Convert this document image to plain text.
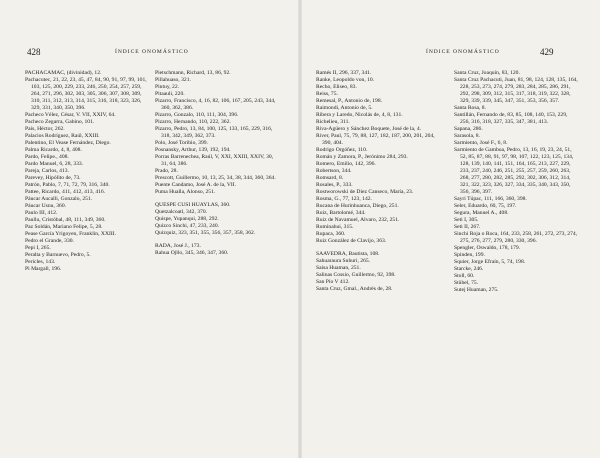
428	ÍNDICE ONOMÁSTICO

PACHACAMAC, (divinidad), 12.

Pachacutec, 21, 22, 23, 45, 47, 84, 90, 91, 97, 99, 101, 103, 125, 200, 229, 233, 246, 250, 254, 257, 259, 264, 271, 296, 302, 303, 305, 306, 307, 308, 309, 310, 311, 312, 313, 314, 315, 316, 318, 323, 326, 329, 331, 340, 350, 396.

Pacheco Vélez, César, V. VII, XXIV, 64.

Pacheco Zegarra, Gabino, 101.

País, Héctor, 262.

Palacios Rodríguez, Raúl, XXIII.

Palentino, El Vease Fernández, Diego.

Palma Ricardo, 4, 8, 408.

Pardo, Felipe., 408.

Pardo Manuel, 6, 28, 333.

Pareja, Carlos, 413.

Parevey, Hipólito de, 73.

Patrón, Pablo, 7, 71, 72, 79, 316, 340.

Pattee, Ricardo, 411, 412, 413, 416.

Páucar Aucalli, Gonzalo, 251.

Páucar Usnu, 360.

Paulo III, 412.

Paullu, Cristóbal, 48, 111, 349, 360.

Paz Soldán, Mariano Felipe, 5, 28.

Pease García Yrigoyen, Franklin, XXIII.

Pedro el Grande, 330.

Pepi I, 265.

Peralta y Barnuevo, Pedro, 5.

Pericles, 143.

Pi Margall, 196.

Pietschmann, Richard, 13, 86, 92.

Pillahuaso, 321.

Pintuy, 22.

Pitaauli, 220.

Pizarro, Francisco, 4, 16, 82, 106, 167, 205, 243, 344, 360, 362, 386.

Pizarro, Gonzalo, 110, 111, 304, 396.

Pizarro, Hernando, 110, 222, 362.

Pizarro, Pedro, 13, 84, 100, 125, 133, 165, 229, 316, 318, 342, 349, 362, 373.

Polo, José Toribio, 399.

Posnansky, Arthur, 139, 192, 194.

Porras Barrenechea, Raúl, V, XXI, XXIII, XXIV, 30, 31, 64, 386.

Prado, 28.

Prescott, Guillermo, 10, 13, 25, 34, 38, 344, 360, 364.

Puente Candamo, José A. de la, VII.

Puma Hualla, Alonso, 251.

QUESPE CUSI HUAYLAS, 360.

Quetzalcoatl, 342, 370.

Quispe, Yupanqui, 288, 292.

Quizco Sinchi, 47, 233, 240.

Quizquiz, 323, 351, 355, 356, 357, 358, 362.

RADA, José J., 173.

Rahua Ojllo, 345, 346, 347, 360.

429
ÍNDICE ONOMÁSTICO

Ramés II, 296, 337, 341.

Ranke, Leopoldo von, 10.

Recho, Eliseo, 83.

Reiss, 75.

Remesal, P., Antonio de, 198.

Raimondi, Antonio de, 5.

Ribera y Laredo, Nicolás de, 4, 8, 131.

Richelieu, 311.

Riva-Agüero y Sánchez Boquete, José de la, 4.

River, Paul, 75, 79, 88, 127, 182, 187, 200, 201, 204, 390, 404.

Rodrigo Orgóñez, 110.

Román y Zamora, P., Jerónimo 284, 293.

Romero, Emilio, 142, 396.

Robertson, 344.

Romsard, 8.

Rosales, P., 333.

Rostworowski de Diez Canseco, María, 23.

Rosma, G., 77, 123, 142.

Rucana de Hurinhuanca, Diego, 251.

Ruiz, Bartolomé, 344.

Ruiz de Navamuel, Alvaro, 232, 251.

Ruminahui, 315.

Rupaca, 360.

Ruiz González de Clavijo, 363.

SAAVEDRA, Bautista, 108.

Sahuaraura Suhuri, 265.

Saisa Huaman, 251.

Salinas Cossio, Guillermo, 92, 398.

San Pío V 412.

Santa Cruz, Gmal., Andrés de, 28.

Santa Cruz, Joaquín, 83, 120.

Santa Cruz Pachacuti, Juan, 81, 98, 124, 128, 135, 164, 228, 253, 273, 274, 279, 283, 284, 285, 286, 291, 292, 298, 309, 312, 315, 317, 318, 319, 322, 328, 329, 339, 339, 345, 347, 351, 353, 356, 357.

Santa Rosa, 8.

Santillán, Fernando de, 83, 85, 108, 140, 153, 229, 256, 316, 318, 327, 335, 347, 381, 413.

Sapana, 286.

Sarasola, 8.

Sarmiento, José F., 6, 8.

Sarmiento de Gamboa, Pedro, 13, 16, 19, 23, 24, 51, 52, 85, 87, 88, 91, 97, 98, 107, 122, 123, 125, 134, 128, 139, 140, 141, 151, 164, 165, 213, 227, 229, 233, 237, 240, 246, 251, 255, 257, 259, 260, 263, 268, 277, 280, 282, 285, 292, 302, 306, 312, 314, 321, 322, 323, 326, 327, 334, 335, 340, 343, 350, 356, 396, 397.

Sayri Túpac, 111, 166, 360, 398.

Seler, Eduardo, 60, 75, 197.

Segura, Manuel A., 408.

Seti I, 305.

Seti II, 267.

Sinchi Roja o Roca, 164, 233, 258, 261, 272, 273, 274, 275, 276, 277, 279, 280, 330, 396.

Spengler, Oswaldo, 178, 179.

Spinden, 199.

Squier, Jorge Efraín, 5, 74, 198.

Starcke, 246.

Stoll, 60.

Stübel, 75.

Sutej Huaman, 275.
